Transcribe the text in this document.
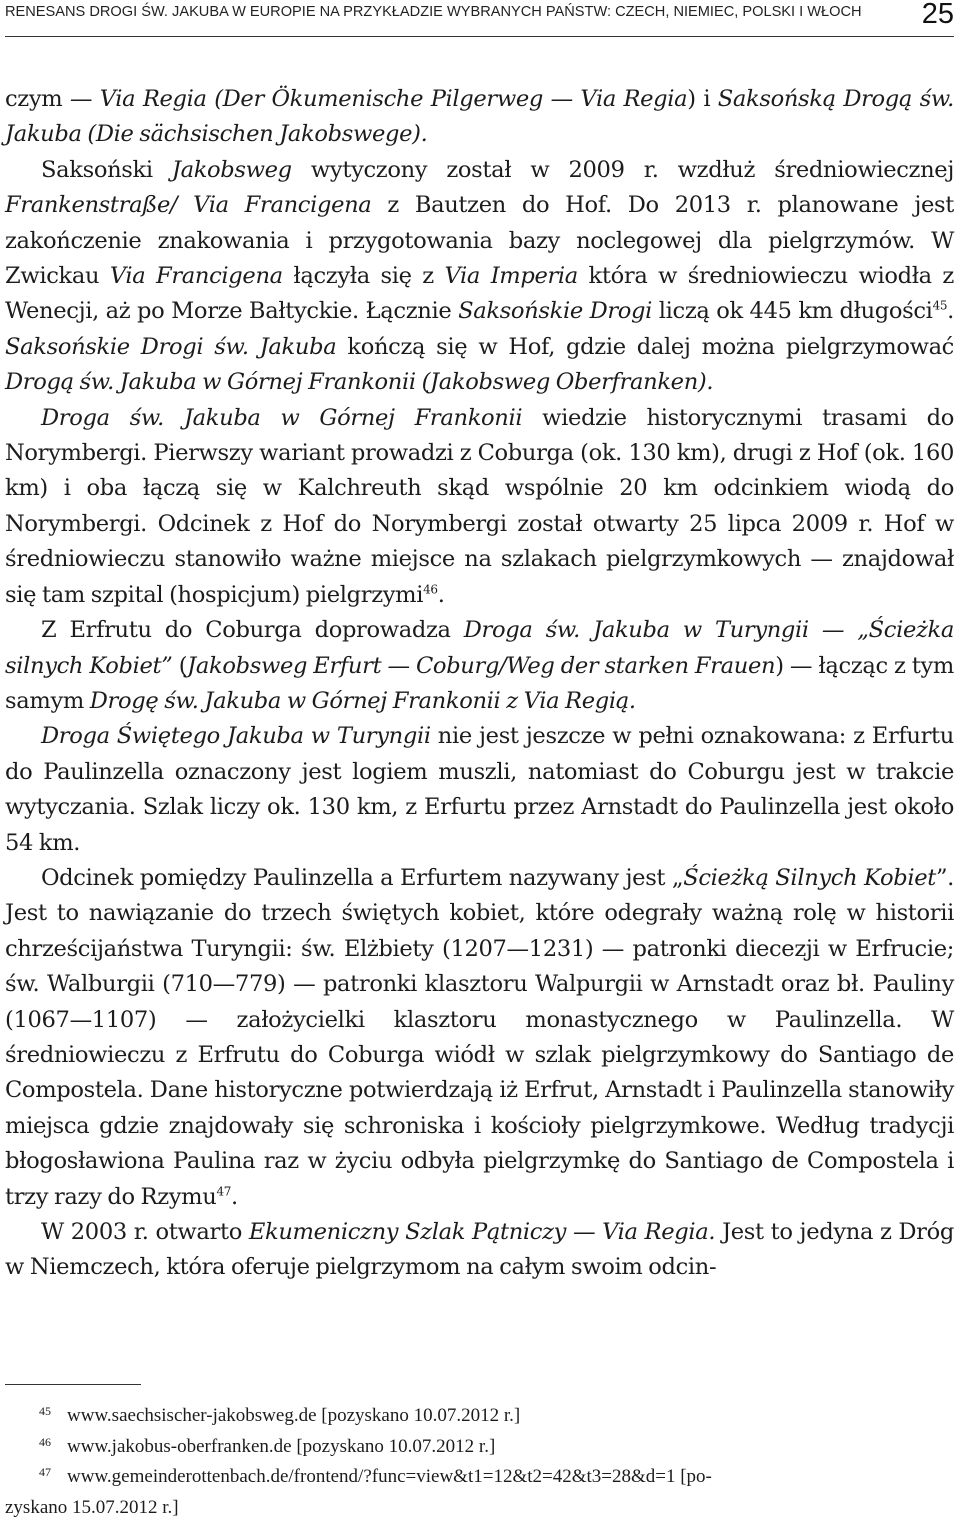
RENESANS DROGI ŚW. JAKUBA W EUROPIE NA PRZYKŁADZIE WYBRANYCH PAŃSTW: CZECH, NIEMIEC, POLSKI I WŁOCH 25

czym — Via Regia (Der Ökumenische Pilgerweg — Via Regia) i Saksońską Drogą św. Jakuba (Die sächsischen Jakobswege).

Saksoński Jakobsweg wytyczony został w 2009 r. wzdłuż średniowiecznej Frankenstraße/ Via Francigena z Bautzen do Hof. Do 2013 r. planowane jest zakończenie znakowania i przygotowania bazy noclegowej dla pielgrzymów. W Zwickau Via Francigena łączyła się z Via Imperia która w średniowieczu wiodła z Wenecji, aż po Morze Bałtyckie. Łącznie Saksońskie Drogi liczą ok 445 km długości$^{45}$. Saksońskie Drogi św. Jakuba kończą się w Hof, gdzie dalej można pielgrzymować Drogą św. Jakuba w Górnej Frankonii (Jakobsweg Oberfranken).

Droga św. Jakuba w Górnej Frankonii wiedzie historycznymi trasami do Norymbergi. Pierwszy wariant prowadzi z Coburga (ok. 130 km), drugi z Hof (ok. 160 km) i oba łączą się w Kalchreuth skąd wspólnie 20 km odcinkiem wiodą do Norymbergi. Odcinek z Hof do Norymbergi został otwarty 25 lipca 2009 r. Hof w średniowieczu stanowiło ważne miejsce na szlakach pielgrzymkowych — znajdował się tam szpital (hospicjum) pielgrzymi$^{46}$.

Z Erfrutu do Coburga doprowadza Droga św. Jakuba w Turyngii — „Ścieżka silnych Kobiet” (Jakobsweg Erfurt — Coburg/Weg der starken Frauen) — łącząc z tym samym Drogę św. Jakuba w Górnej Frankonii z Via Regią.

Droga Świętego Jakuba w Turyngii nie jest jeszcze w pełni oznakowana: z Erfurtu do Paulinzella oznaczony jest logiem muszli, natomiast do Coburgu jest w trakcie wytyczania. Szlak liczy ok. 130 km, z Erfurtu przez Arnstadt do Paulinzella jest około 54 km.

Odcinek pomiędzy Paulinzella a Erfurtem nazywany jest „Ścieżką Silnych Kobiet”. Jest to nawiązanie do trzech świętych kobiet, które odegrały ważną rolę w historii chrześcijaństwa Turyngii: św. Elżbiety (1207—1231) — patronki diecezji w Erfrucie; św. Walburgii (710—779) — patronki klasztoru Walpurgii w Arnstadt oraz bł. Pauliny (1067—1107) — założycielki klasztoru monastycznego w Paulinzella. W średniowieczu z Erfrutu do Coburga wiódł w szlak pielgrzymkowy do Santiago de Compostela. Dane historyczne potwierdzają iż Erfrut, Arnstadt i Paulinzella stanowiły miejsca gdzie znajdowały się schroniska i kościoły pielgrzymkowe. Według tradycji błogosławiona Paulina raz w życiu odbyła pielgrzymkę do Santiago de Compostela i trzy razy do Rzymu$^{47}$.

W 2003 r. otwarto Ekumeniczny Szlak Pątniczy — Via Regia. Jest to jedyna z Dróg w Niemczech, która oferuje pielgrzymom na całym swoim odcin-

45 www.saechsischer-jakobsweg.de [pozyskano 10.07.2012 r.]
46 www.jakobus-oberfranken.de [pozyskano 10.07.2012 r.]
47 www.gemeinderottenbach.de/frontend/?func=view&t1=12&t2=42&t3=28&d=1 [po-
zyskano 15.07.2012 r.]
